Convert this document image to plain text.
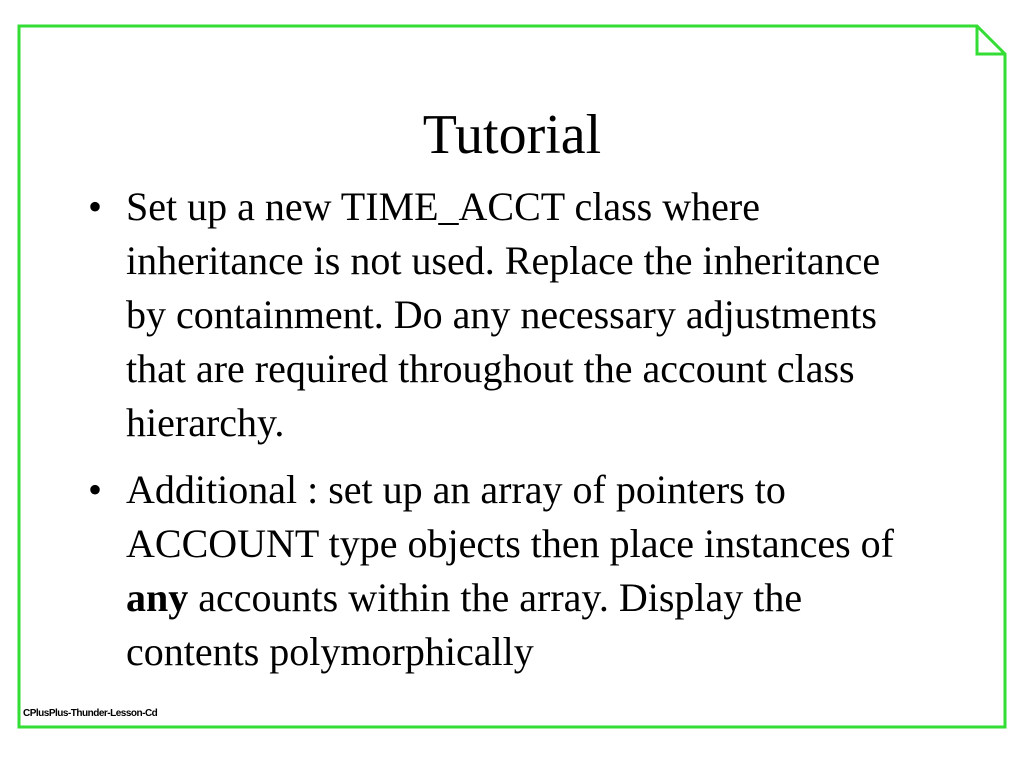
Tutorial
• Set up a new TIME_ACCT class where inheritance is not used. Replace the inheritance by containment. Do any necessary adjustments that are required throughout the account class hierarchy.
• Additional : set up an array of pointers to ACCOUNT type objects then place instances of any accounts within the array. Display the contents polymorphically
CPlusPlus-Thunder-Lesson-Cd
